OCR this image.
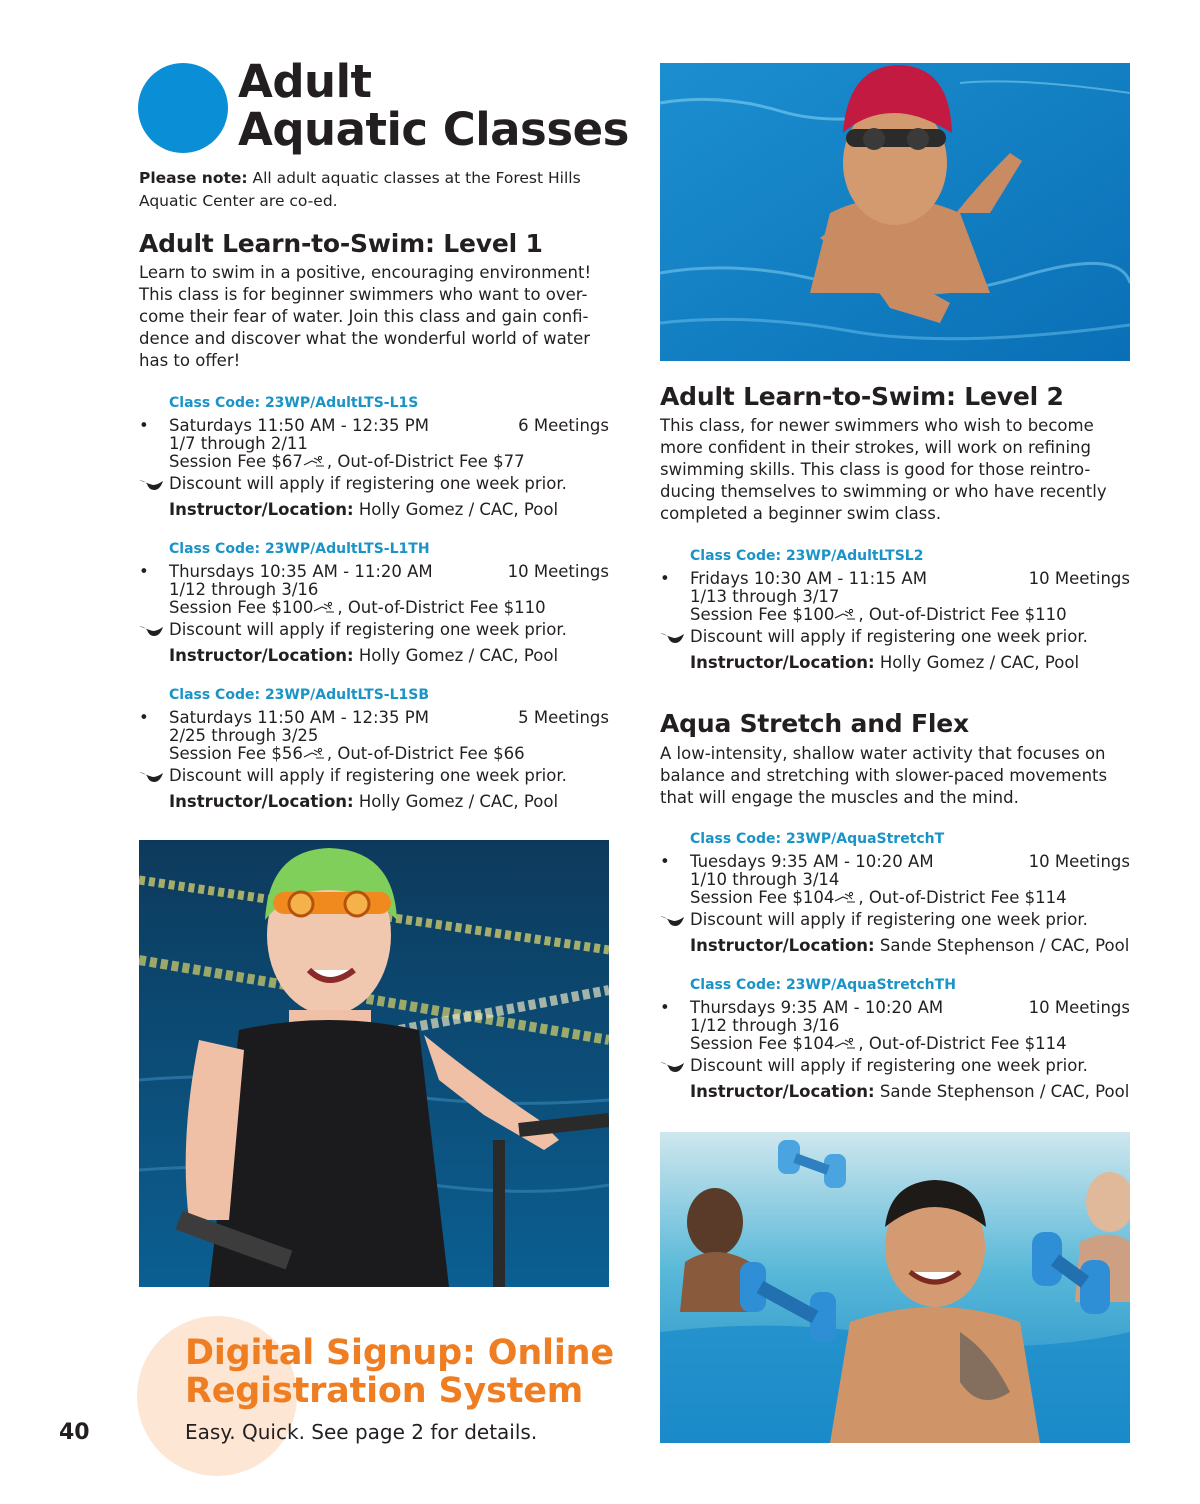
Adult
Aquatic Classes

Please note: All adult aquatic classes at the Forest Hills Aquatic Center are co-ed.

Adult Learn-to-Swim: Level 1

Learn to swim in a positive, encouraging environment! This class is for beginner swimmers who want to over-come their fear of water. Join this class and gain confi-dence and discover what the wonderful world of water has to offer!

Class Code: 23WP/AdultLTS-L1S
•	Saturdays 11:50 AM - 12:35 PM	6 Meetings
1/7 through 2/11
Session Fee $67 , Out-of-District Fee $77
Discount will apply if registering one week prior.
Instructor/Location: Holly Gomez / CAC, Pool
Class Code: 23WP/AdultLTS-L1TH
•	Thursdays 10:35 AM - 11:20 AM	10 Meetings
1/12 through 3/16
Session Fee $100 , Out-of-District Fee $110
Discount will apply if registering one week prior.
Instructor/Location: Holly Gomez / CAC, Pool
Class Code: 23WP/AdultLTS-L1SB
•	Saturdays 11:50 AM - 12:35 PM	5 Meetings
2/25 through 3/25
Session Fee $56 , Out-of-District Fee $66
Discount will apply if registering one week prior.
Instructor/Location: Holly Gomez / CAC, Pool
Digital Signup: Online
Registration System
Easy. Quick. See page 2 for details.
40
Adult Learn-to-Swim: Level 2

This class, for newer swimmers who wish to become more confident in their strokes, will work on refining swimming skills. This class is good for those reintro-ducing themselves to swimming or who have recently completed a beginner swim class.

Class Code: 23WP/AdultLTSL2
•	Fridays 10:30 AM - 11:15 AM	10 Meetings
1/13 through 3/17
Session Fee $100 , Out-of-District Fee $110
Discount will apply if registering one week prior.
Instructor/Location: Holly Gomez / CAC, Pool
Aqua Stretch and Flex

A low-intensity, shallow water activity that focuses on balance and stretching with slower-paced movements that will engage the muscles and the mind.

Class Code: 23WP/AquaStretchT
•	Tuesdays 9:35 AM - 10:20 AM	10 Meetings
1/10 through 3/14
Session Fee $104 , Out-of-District Fee $114
Discount will apply if registering one week prior.
Instructor/Location: Sande Stephenson / CAC, Pool
Class Code: 23WP/AquaStretchTH
•	Thursdays 9:35 AM - 10:20 AM	10 Meetings
1/12 through 3/16
Session Fee $104 , Out-of-District Fee $114
Discount will apply if registering one week prior.
Instructor/Location: Sande Stephenson / CAC, Pool
